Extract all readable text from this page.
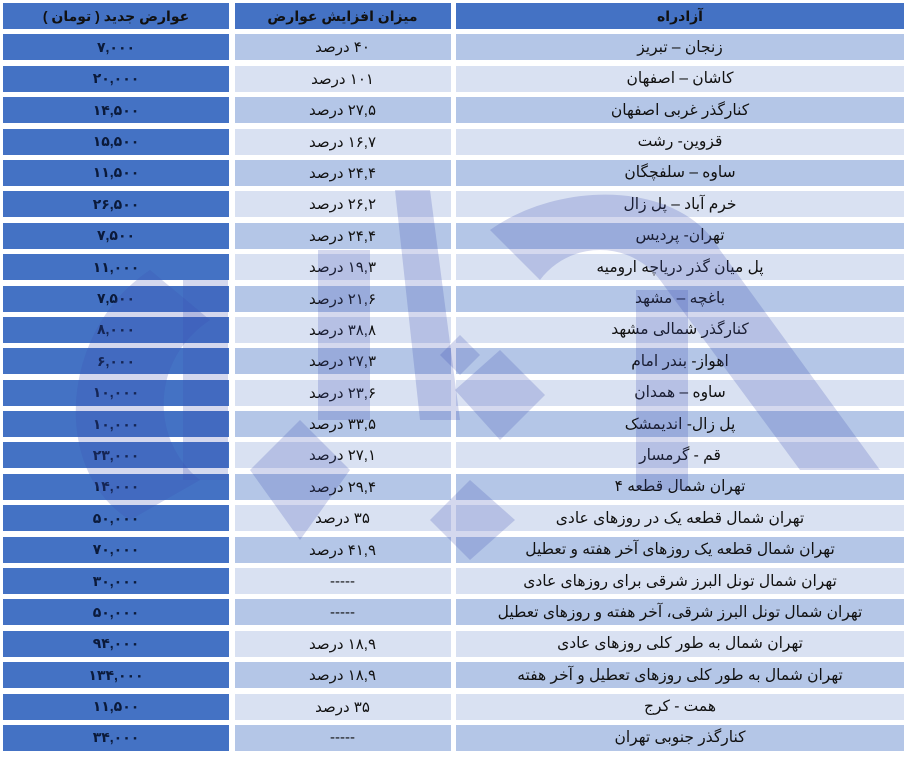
عوارض جدید ( تومان )	میزان افزایش عوارض	آزادراه
۷,۰۰۰	۴۰ درصد	زنجان – تبریز
۲۰,۰۰۰	۱۰۱ درصد	کاشان – اصفهان
۱۴,۵۰۰	۲۷,۵ درصد	کنارگذر غربی اصفهان
۱۵,۵۰۰	۱۶,۷ درصد	قزوین- رشت
۱۱,۵۰۰	۲۴,۴ درصد	ساوه – سلفچگان
۲۶,۵۰۰	۲۶,۲ درصد	خرم آباد – پل زال
۷,۵۰۰	۲۴,۴ درصد	تهران- پردیس
۱۱,۰۰۰	۱۹,۳ درصد	پل میان گذر دریاچه ارومیه
۷,۵۰۰	۲۱,۶ درصد	باغچه – مشهد
۸,۰۰۰	۳۸,۸ درصد	کنارگذر شمالی مشهد
۶,۰۰۰	۲۷,۳ درصد	اهواز- بندر امام
۱۰,۰۰۰	۲۳,۶ درصد	ساوه – همدان
۱۰,۰۰۰	۳۳,۵ درصد	پل زال- اندیمشک
۲۳,۰۰۰	۲۷,۱ درصد	قم - گرمسار
۱۴,۰۰۰	۲۹,۴ درصد	تهران شمال قطعه ۴
۵۰,۰۰۰	۳۵ درصد	تهران شمال قطعه یک در روزهای عادی
۷۰,۰۰۰	۴۱,۹ درصد	تهران شمال قطعه یک روزهای آخر هفته و تعطیل
۳۰,۰۰۰	-----	تهران شمال تونل البرز شرقی برای روزهای عادی
۵۰,۰۰۰	-----	تهران شمال تونل البرز شرقی، آخر هفته و روزهای تعطیل
۹۴,۰۰۰	۱۸,۹ درصد	تهران شمال به طور کلی روزهای عادی
۱۳۴,۰۰۰	۱۸,۹ درصد	تهران شمال به طور کلی روزهای تعطیل و آخر هفته
۱۱,۵۰۰	۳۵ درصد	همت - کرج
۳۴,۰۰۰	-----	کنارگذر جنوبی تهران
